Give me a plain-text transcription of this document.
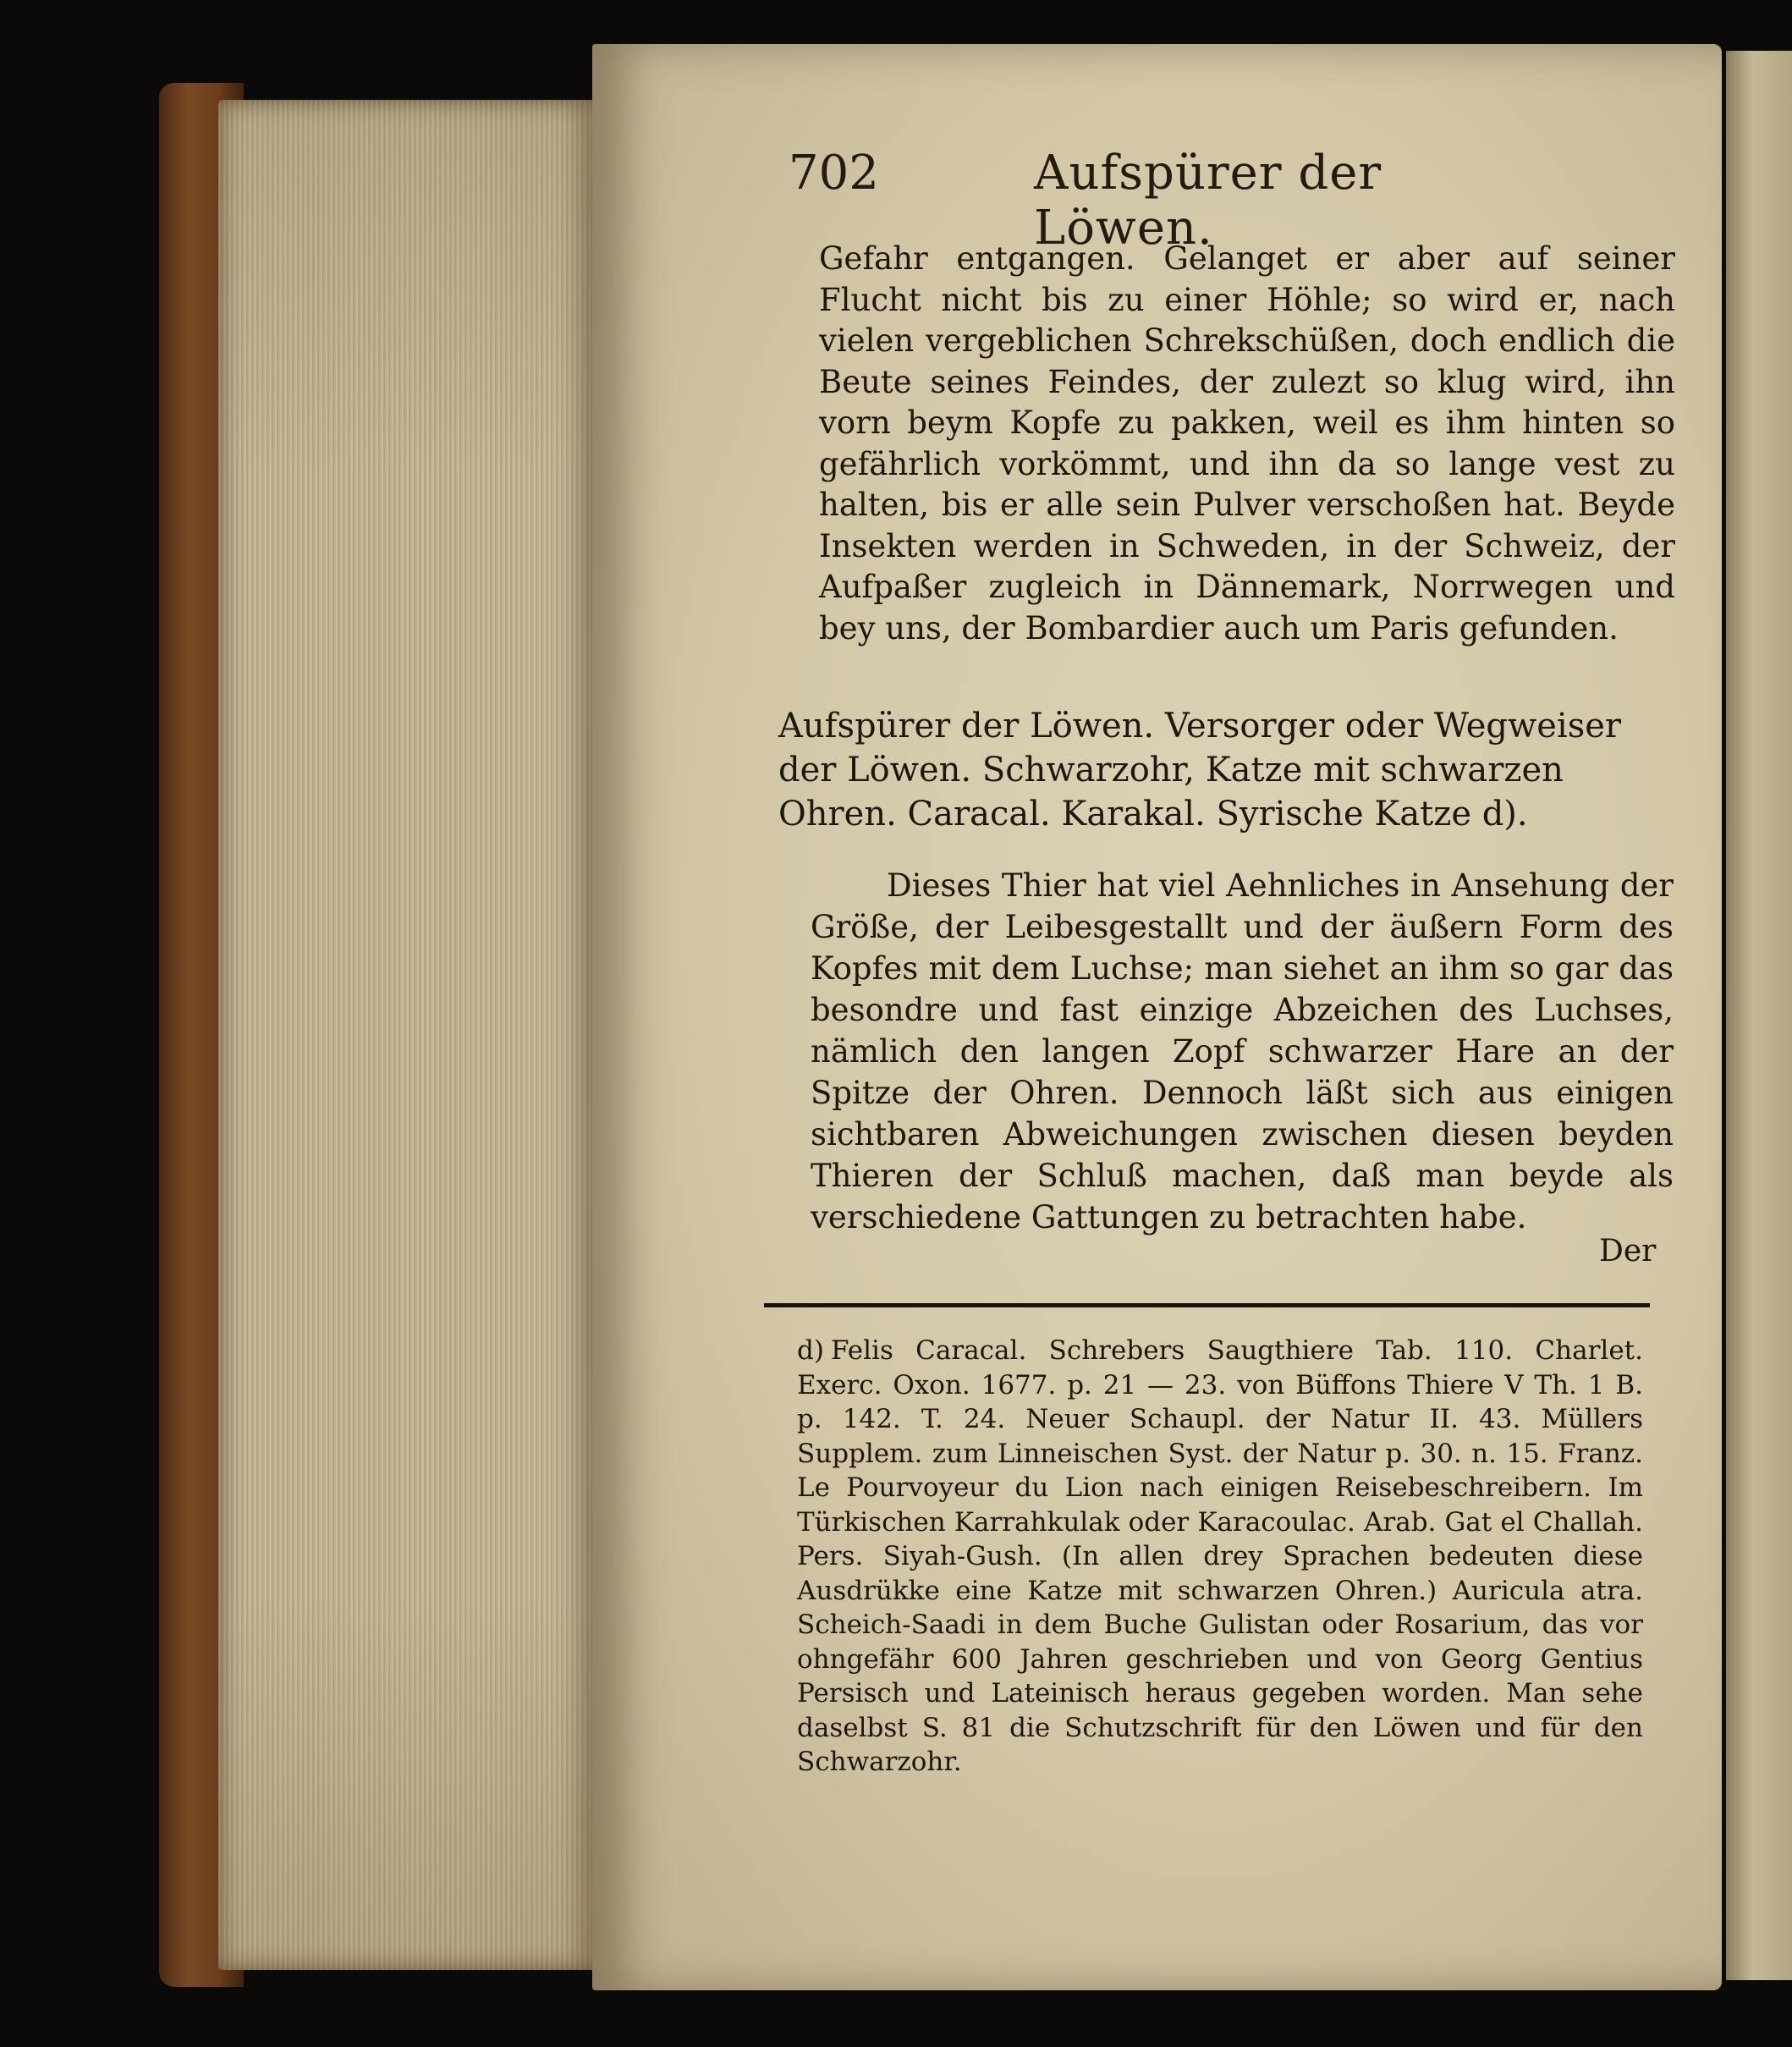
702	Aufspürer der Löwen.

Gefahr entgangen. Gelanget er aber auf seiner Flucht nicht bis zu einer Höhle; so wird er, nach vielen vergeblichen Schrekschüßen, doch endlich die Beute seines Feindes, der zulezt so klug wird, ihn vorn beym Kopfe zu pakken, weil es ihm hinten so gefährlich vorkömmt, und ihn da so lange vest zu halten, bis er alle sein Pulver verschoßen hat. Beyde Insekten werden in Schweden, in der Schweiz, der Aufpaßer zugleich in Dännemark, Norrwegen und bey uns, der Bombardier auch um Paris gefunden.

Aufspürer der Löwen. Versorger oder Wegweiser der Löwen. Schwarzohr, Katze mit schwarzen Ohren. Caracal. Karakal. Syrische Katze d).

Dieses Thier hat viel Aehnliches in Ansehung der Größe, der Leibesgestallt und der äußern Form des Kopfes mit dem Luchse; man siehet an ihm so gar das besondre und fast einzige Abzeichen des Luchses, nämlich den langen Zopf schwarzer Hare an der Spitze der Ohren. Dennoch läßt sich aus einigen sichtbaren Abweichungen zwischen diesen beyden Thieren der Schluß machen, daß man beyde als verschiedene Gattungen zu betrachten habe.

Der

d) Felis Caracal. Schrebers Saugthiere Tab. 110. Charlet. Exerc. Oxon. 1677. p. 21 — 23. von Büffons Thiere V Th. 1 B. p. 142. T. 24. Neuer Schaupl. der Natur II. 43. Müllers Supplem. zum Linneischen Syst. der Natur p. 30. n. 15. Franz. Le Pourvoyeur du Lion nach einigen Reisebeschreibern. Im Türkischen Karrahkulak oder Karacoulac. Arab. Gat el Challah. Pers. Siyah-Gush. (In allen drey Sprachen bedeuten diese Ausdrükke eine Katze mit schwarzen Ohren.) Auricula atra. Scheich-Saadi in dem Buche Gulistan oder Rosarium, das vor ohngefähr 600 Jahren geschrieben und von Georg Gentius Persisch und Lateinisch heraus gegeben worden. Man sehe daselbst S. 81 die Schutzschrift für den Löwen und für den Schwarzohr.
